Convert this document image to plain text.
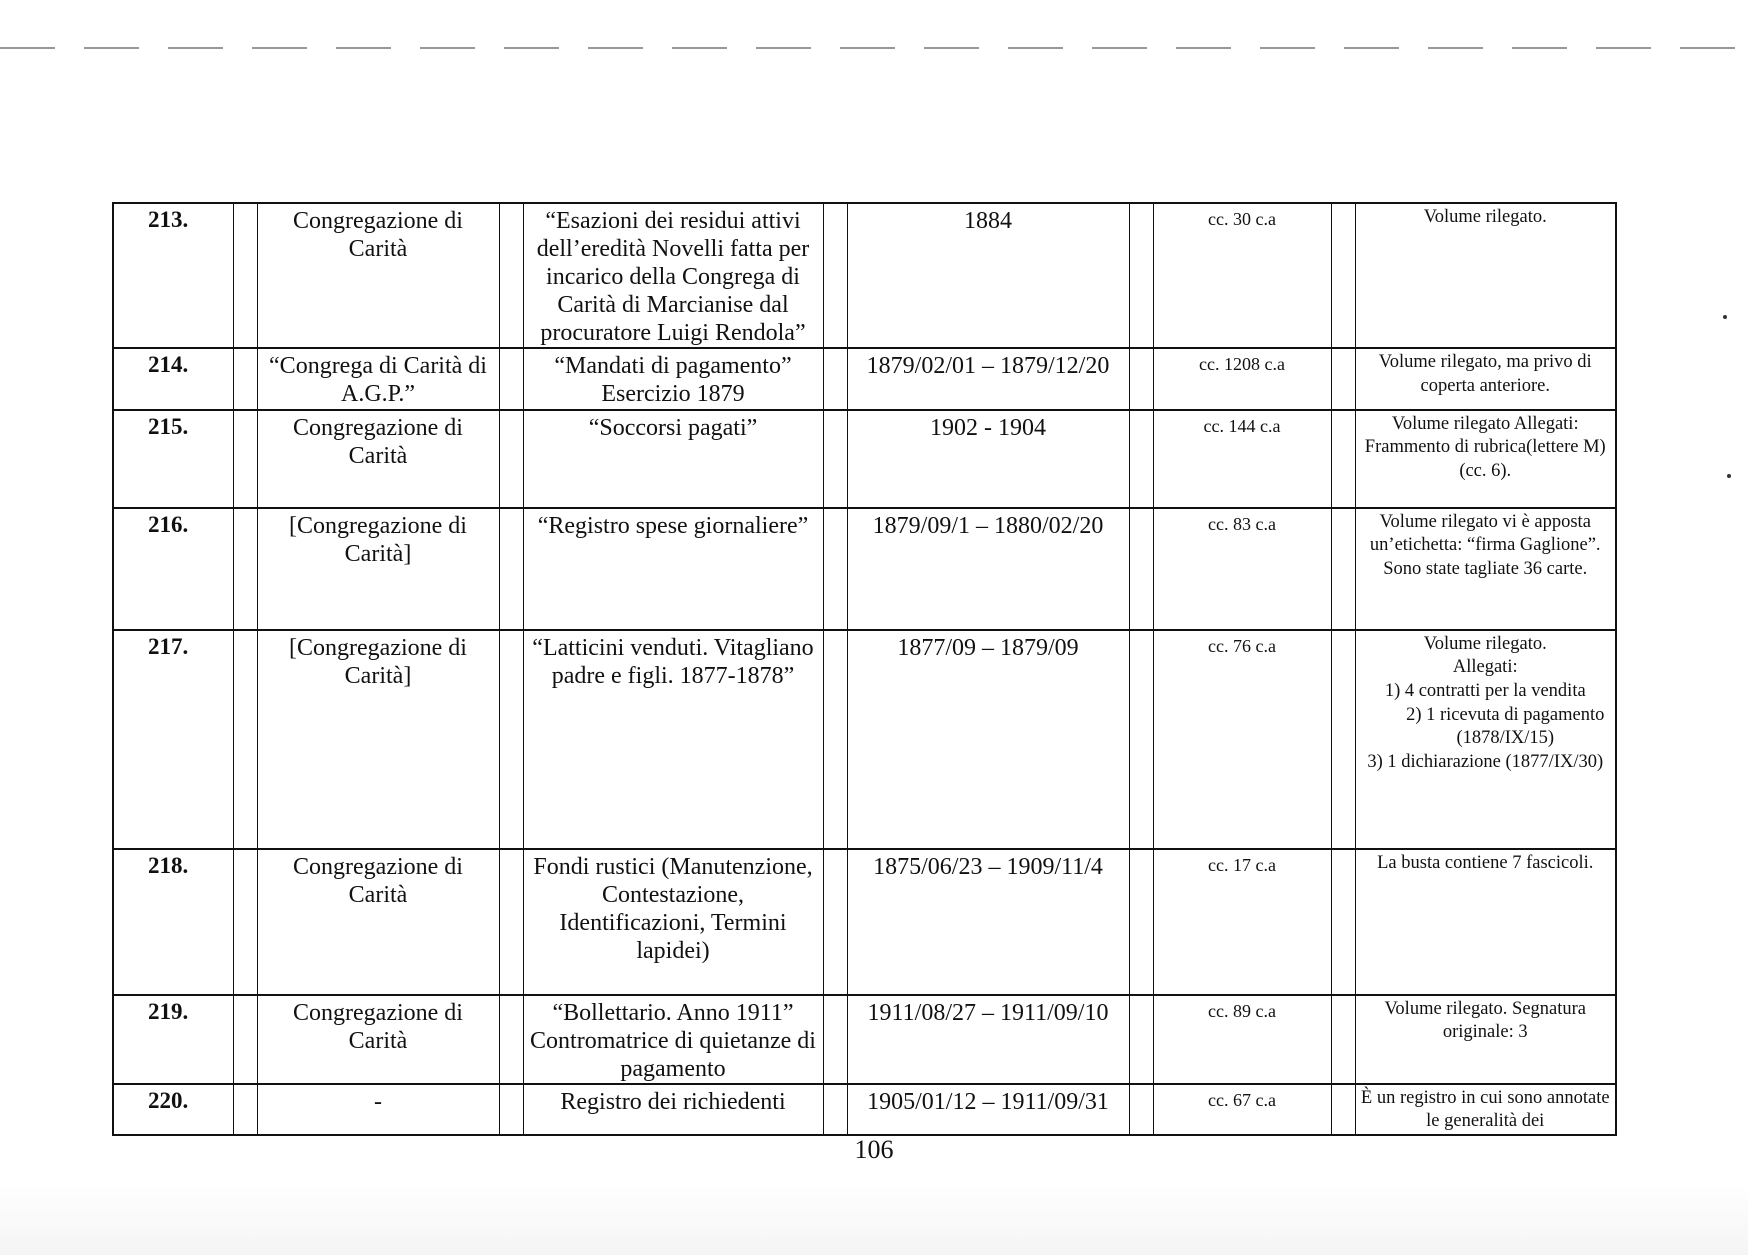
213.		Congregazione di Carità		“Esazioni dei residui attivi dell’eredità Novelli fatta per incarico della Congrega di Carità di Marcianise dal procuratore Luigi Rendola”		1884		cc. 30 c.a		Volume rilegato.
214.		“Congrega di Carità di A.G.P.”		“Mandati di pagamento” Esercizio 1879		1879/02/01 – 1879/12/20		cc. 1208 c.a		Volume rilegato, ma privo di coperta anteriore.
215.		Congregazione di Carità		“Soccorsi pagati”		1902 - 1904		cc. 144 c.a		Volume rilegato Allegati: Frammento di rubrica(lettere M) (cc. 6).
216.		[Congregazione di Carità]		“Registro spese giornaliere”		1879/09/1 – 1880/02/20		cc. 83 c.a		Volume rilegato vi è apposta un’etichetta: “firma Gaglione”. Sono state tagliate 36 carte.
217.		[Congregazione di Carità]		“Latticini venduti. Vitagliano padre e figli. 1877-1878”		1877/09 – 1879/09		cc. 76 c.a		Volume rilegato.
Allegati:
1) 4 contratti per la vendita
2) 1 ricevuta di pagamento (1878/IX/15)
3) 1 dichiarazione (1877/IX/30)

218.		Congregazione di Carità		Fondi rustici (Manutenzione, Contestazione, Identificazioni, Termini lapidei)		1875/06/23 – 1909/11/4		cc. 17 c.a		La busta contiene 7 fascicoli.
219.		Congregazione di Carità		“Bollettario. Anno 1911” Contromatrice di quietanze di pagamento		1911/08/27 – 1911/09/10		cc. 89 c.a		Volume rilegato. Segnatura originale: 3
220.		-		Registro dei richiedenti		1905/01/12 – 1911/09/31		cc. 67 c.a		È un registro in cui sono annotate le generalità dei
106
